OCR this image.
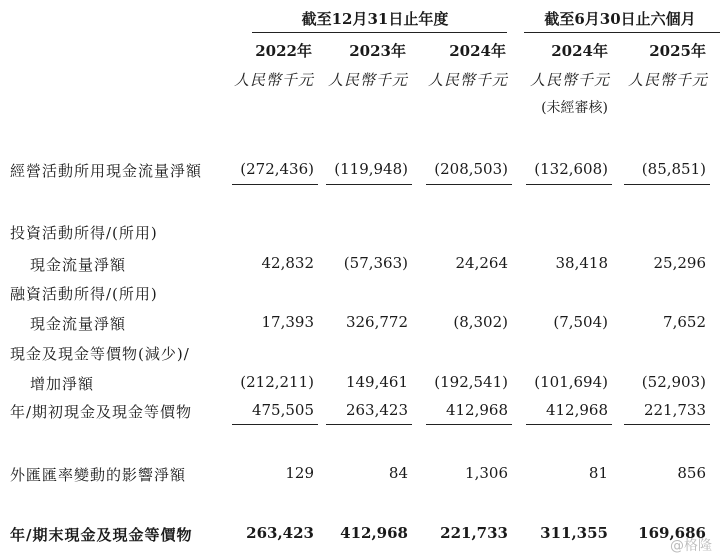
截至12月31日止年度	截至6月30日止六個月
2022年	2023年	2024年	2024年	2025年
人民幣千元 人民幣千元	人民幣千元	人民幣千元	人民幣千元
(未經審核)
經營活動所用現金流量淨額	(272,436)	(119,948)	(208,503)	(132,608)	(85,851)
投資活動所得/(所用)
現金流量淨額	42,832	(57,363)	24,264	38,418	25,296
融資活動所得/(所用)
現金流量淨額	17,393	326,772	(8,302)	(7,504)	7,652
現金及現金等價物(減少)/
增加淨額	(212,211)	149,461	(192,541)	(101,694)	(52,903)
年/期初現金及現金等價物	475,505	263,423	412,968	412,968	221,733
外匯匯率變動的影響淨額	129	84	1,306	81	856
年/期末現金及現金等價物	263,423	412,968	221,733	311,355	169,686
@格隆
